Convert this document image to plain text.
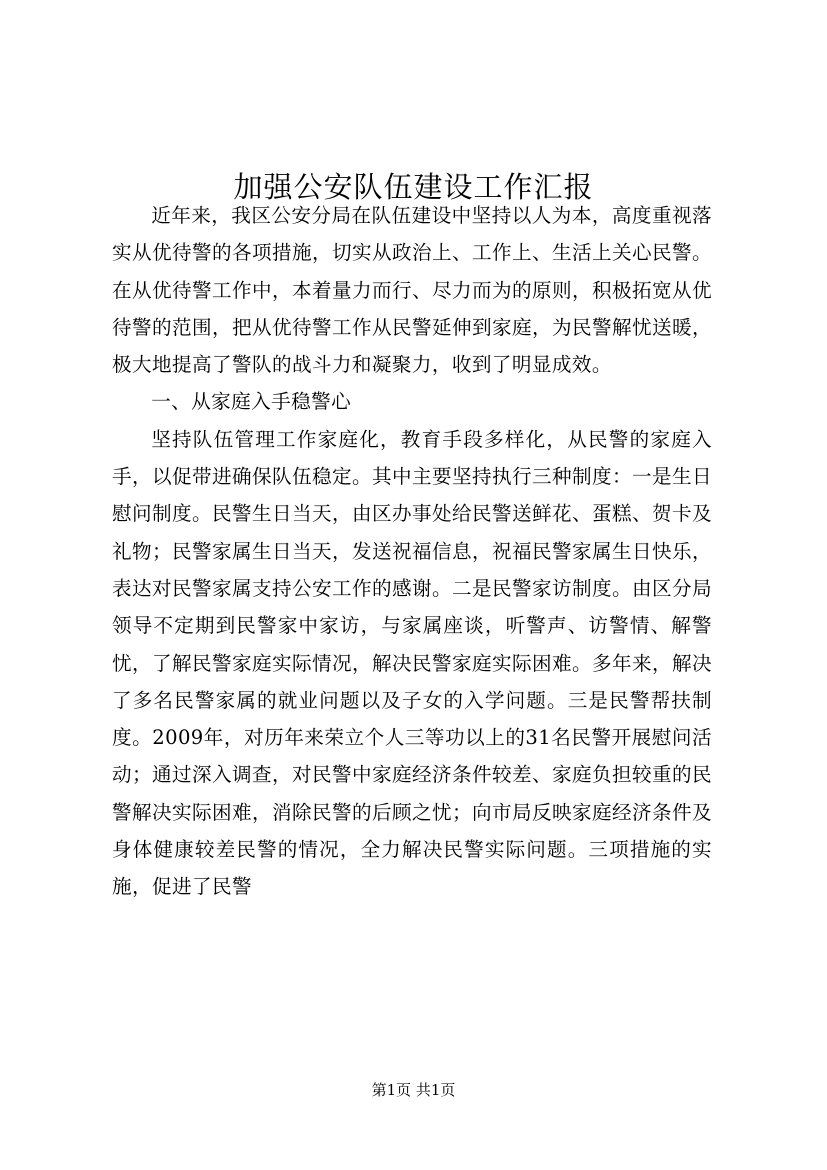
加强公安队伍建设工作汇报

近年来，我区公安分局在队伍建设中坚持以人为本，高度重视落实从优待警的各项措施，切实从政治上、工作上、生活上关心民警。在从优待警工作中，本着量力而行、尽力而为的原则，积极拓宽从优待警的范围，把从优待警工作从民警延伸到家庭，为民警解忧送暖，极大地提高了警队的战斗力和凝聚力，收到了明显成效。

一、从家庭入手稳警心

坚持队伍管理工作家庭化，教育手段多样化，从民警的家庭入手，以促带进确保队伍稳定。其中主要坚持执行三种制度：一是生日慰问制度。民警生日当天，由区办事处给民警送鲜花、蛋糕、贺卡及礼物；民警家属生日当天，发送祝福信息，祝福民警家属生日快乐，表达对民警家属支持公安工作的感谢。二是民警家访制度。由区分局领导不定期到民警家中家访，与家属座谈，听警声、访警情、解警忧，了解民警家庭实际情况，解决民警家庭实际困难。多年来，解决了多名民警家属的就业问题以及子女的入学问题。三是民警帮扶制度。2009年，对历年来荣立个人三等功以上的31名民警开展慰问活动；通过深入调查，对民警中家庭经济条件较差、家庭负担较重的民警解决实际困难，消除民警的后顾之忧；向市局反映家庭经济条件及身体健康较差民警的情况，全力解决民警实际问题。三项措施的实施，促进了民警

第1页 共1页
